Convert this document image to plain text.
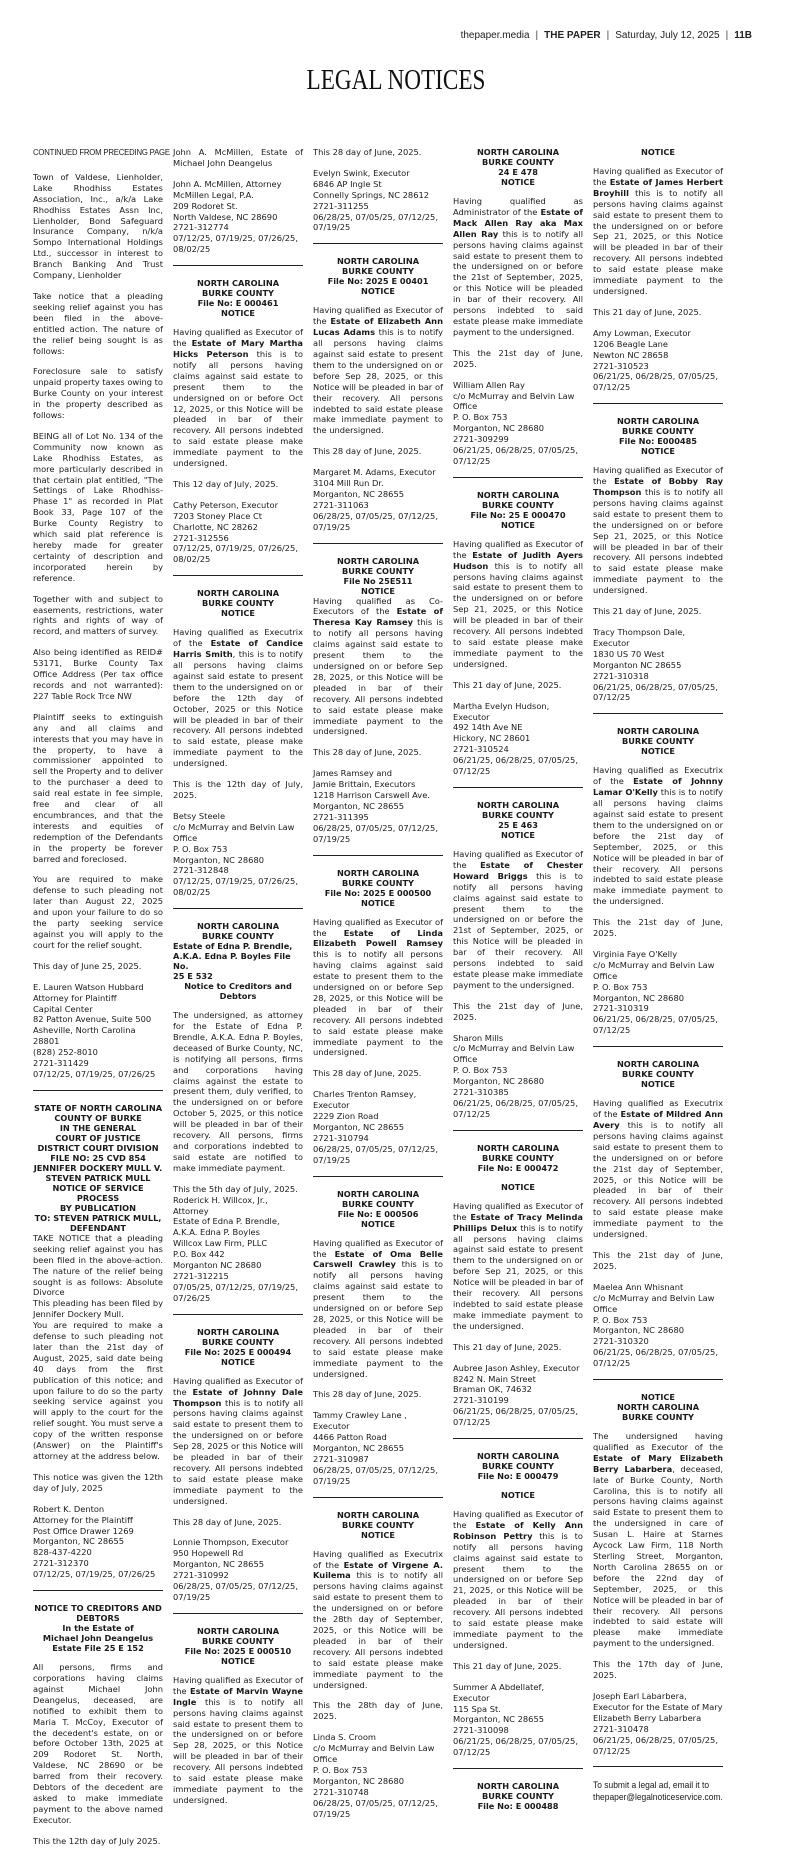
thepaper.media | THE PAPER | Saturday, July 12, 2025 | 11B
LEGAL NOTICES
CONTINUED FROM PRECEDING PAGE
Town of Valdese, Lienholder, Lake Rhodhiss Estates Association, Inc., a/k/a Lake Rhodhiss Estates Assn Inc, Lienholder, Bond Safeguard Insurance Company, n/k/a Sompo International Holdings Ltd., successor in interest to Branch Banking And Trust Company, Lienholder
Take notice that a pleading seeking relief against you has been filed in the above-entitled action. The nature of the relief being sought is as follows:
Foreclosure sale to satisfy unpaid property taxes owing to Burke County on your interest in the property described as follows:
BEING all of Lot No. 134 of the Community now known as Lake Rhodhiss Estates, as more particularly described in that certain plat entitled, "The Settings of Lake Rhodhiss-Phase 1" as recorded in Plat Book 33, Page 107 of the Burke County Registry to which said plat reference is hereby made for greater certainty of description and incorporated herein by reference.
Together with and subject to easements, restrictions, water rights and rights of way of record, and matters of survey.
Also being identified as REID# 53171, Burke County Tax Office Address (Per tax office records and not warranted): 227 Table Rock Trce NW
Plaintiff seeks to extinguish any and all claims and interests that you may have in the property, to have a commissioner appointed to sell the Property and to deliver to the purchaser a deed to said real estate in fee simple, free and clear of all encumbrances, and that the interests and equities of redemption of the Defendants in the property be forever barred and foreclosed.
You are required to make defense to such pleading not later than August 22, 2025 and upon your failure to do so the party seeking service against you will apply to the court for the relief sought.
This day of June 25, 2025.
E. Lauren Watson Hubbard
Attorney for Plaintiff
Capital Center
82 Patton Avenue, Suite 500
Asheville, North Carolina 28801
(828) 252-8010
2721-311429
07/12/25, 07/19/25, 07/26/25
STATE OF NORTH CAROLINA
COUNTY OF BURKE
IN THE GENERAL
COURT OF JUSTICE
DISTRICT COURT DIVISION
FILE NO: 25 CVD 854
JENNIFER DOCKERY MULL V.
STEVEN PATRICK MULL
NOTICE OF SERVICE PROCESS
BY PUBLICATION
TO: STEVEN PATRICK MULL,
DEFENDANT
TAKE NOTICE that a pleading seeking relief against you has been filed in the above-action. The nature of the relief being sought is as follows: Absolute Divorce
This pleading has been filed by Jennifer Dockery Mull.
You are required to make a defense to such pleading not later than the 21st day of August, 2025, said date being 40 days from the first publication of this notice; and upon failure to do so the party seeking service against you will apply to the court for the relief sought. You must serve a copy of the written response (Answer) on the Plaintiff's attorney at the address below.
This notice was given the 12th day of July, 2025
Robert K. Denton
Attorney for the Plaintiff
Post Office Drawer 1269
Morganton, NC 28655
828-437-4220
2721-312370
07/12/25, 07/19/25, 07/26/25
NOTICE TO CREDITORS AND DEBTORS
In the Estate of
Michael John Deangelus
Estate File 25 E 152
All persons, firms and corporations having claims against Michael John Deangelus, deceased, are notified to exhibit them to Maria T. McCoy, Executor of the decedent's estate, on or before October 13th, 2025 at 209 Rodoret St. North, Valdese, NC 28690 or be barred from their recovery. Debtors of the decedent are asked to make immediate payment to the above named Executor.
This the 12th day of July 2025.
John A. McMillen, Estate of Michael John Deangelus
John A. McMillen, Attorney
McMillen Legal, P.A.
209 Rodoret St.
North Valdese, NC 28690
2721-312774
07/12/25, 07/19/25, 07/26/25, 08/02/25
NORTH CAROLINA
BURKE COUNTY
File No: E 000461
NOTICE
Having qualified as Executor of the Estate of Mary Martha Hicks Peterson this is to notify all persons having claims against said estate to present them to the undersigned on or before Oct 12, 2025, or this Notice will be pleaded in bar of their recovery. All persons indebted to said estate please make immediate payment to the undersigned.
This 12 day of July, 2025.
Cathy Peterson, Executor
7203 Stoney Place Ct
Charlotte, NC 28262
2721-312556
07/12/25, 07/19/25, 07/26/25, 08/02/25
NORTH CAROLINA
BURKE COUNTY
NOTICE
Having qualified as Executrix of the Estate of Candice Harris Smith, this is to notify all persons having claims against said estate to present them to the undersigned on or before the 12th day of October, 2025 or this Notice will be pleaded in bar of their recovery. All persons indebted to said estate, please make immediate payment to the undersigned.
This is the 12th day of July, 2025.
Betsy Steele
c/o McMurray and Belvin Law Office
P. O. Box 753
Morganton, NC 28680
2721-312848
07/12/25, 07/19/25, 07/26/25, 08/02/25
NORTH CAROLINA
BURKE COUNTY
Estate of Edna P. Brendle, A.K.A. Edna P. Boyles File No.
25 E 532
Notice to Creditors and Debtors
The undersigned, as attorney for the Estate of Edna P. Brendle, A.K.A. Edna P. Boyles, deceased of Burke County, NC, is notifying all persons, firms and corporations having claims against the estate to present them, duly verified, to the undersigned on or before October 5, 2025, or this notice will be pleaded in bar of their recovery. All persons, firms and corporations indebted to said estate are notified to make immediate payment.
This the 5th day of July, 2025.
Roderick H. Willcox, Jr., Attorney
Estate of Edna P. Brendle, A.K.A. Edna P. Boyles
Willcox Law Firm, PLLC
P.O. Box 442
Morganton NC 28680
2721-312215
07/05/25, 07/12/25, 07/19/25, 07/26/25
NORTH CAROLINA
BURKE COUNTY
File No: 2025 E 000494
NOTICE
Having qualified as Executor of the Estate of Johnny Dale Thompson this is to notify all persons having claims against said estate to present them to the undersigned on or before Sep 28, 2025 or this Notice will be pleaded in bar of their recovery. All persons indebted to said estate please make immediate payment to the undersigned.
This 28 day of June, 2025.
Lonnie Thompson, Executor
950 Hopewell Rd
Morganton, NC 28655
2721-310992
06/28/25, 07/05/25, 07/12/25, 07/19/25
NORTH CAROLINA
BURKE COUNTY
File No: 2025 E 000510
NOTICE
Having qualified as Executor of the Estate of Marvin Wayne Ingle this is to notify all persons having claims against said estate to present them to the undersigned on or before Sep 28, 2025, or this Notice will be pleaded in bar of their recovery. All persons indebted to said estate please make immediate payment to the undersigned.
This 28 day of June, 2025.
Evelyn Swink, Executor
6846 AP Ingle St
Connelly Springs, NC 28612
2721-311255
06/28/25, 07/05/25, 07/12/25, 07/19/25
NORTH CAROLINA
BURKE COUNTY
File No: 2025 E 00401
NOTICE
Having qualified as Executor of the Estate of Elizabeth Ann Lucas Adams this is to notify all persons having claims against said estate to present them to the undersigned on or before Sep 28, 2025, or this Notice will be pleaded in bar of their recovery. All persons indebted to said estate please make immediate payment to the undersigned.
This 28 day of June, 2025.
Margaret M. Adams, Executor
3104 Mill Run Dr.
Morganton, NC 28655
2721-311063
06/28/25, 07/05/25, 07/12/25, 07/19/25
NORTH CAROLINA
BURKE COUNTY
File No 25E511
NOTICE
Having qualified as Co-Executors of the Estate of Theresa Kay Ramsey this is to notify all persons having claims against said estate to present them to the undersigned on or before Sep 28, 2025, or this Notice will be pleaded in bar of their recovery. All persons indebted to said estate please make immediate payment to the undersigned.
This 28 day of June, 2025.
James Ramsey and
Jamie Brittain, Executors
1218 Harrison Carswell Ave.
Morganton, NC 28655
2721-311395
06/28/25, 07/05/25, 07/12/25, 07/19/25
NORTH CAROLINA
BURKE COUNTY
File No: 2025 E 000500
NOTICE
Having qualified as Executor of the Estate of Linda Elizabeth Powell Ramsey this is to notify all persons having claims against said estate to present them to the undersigned on or before Sep 28, 2025, or this Notice will be pleaded in bar of their recovery. All persons indebted to said estate please make immediate payment to the undersigned.
This 28 day of June, 2025.
Charles Trenton Ramsey, Executor
2229 Zion Road
Morganton, NC 28655
2721-310794
06/28/25, 07/05/25, 07/12/25, 07/19/25
NORTH CAROLINA
BURKE COUNTY
File No: E 000506
NOTICE
Having qualified as Executor of the Estate of Oma Belle Carswell Crawley this is to notify all persons having claims against said estate to present them to the undersigned on or before Sep 28, 2025, or this Notice will be pleaded in bar of their recovery. All persons indebted to said estate please make immediate payment to the undersigned.
This 28 day of June, 2025.
Tammy Crawley Lane , Executor
4466 Patton Road
Morganton, NC 28655
2721-310987
06/28/25, 07/05/25, 07/12/25, 07/19/25
NORTH CAROLINA
BURKE COUNTY
NOTICE
Having qualified as Executrix of the Estate of Virgene A. Kuilema this is to notify all persons having claims against said estate to present them to the undersigned on or before the 28th day of September, 2025, or this Notice will be pleaded in bar of their recovery. All persons indebted to said estate please make immediate payment to the undersigned.
This the 28th day of June, 2025.
Linda S. Croom
c/o McMurray and Belvin Law Office
P. O. Box 753
Morganton, NC 28680
2721-310748
06/28/25, 07/05/25, 07/12/25, 07/19/25
NORTH CAROLINA
BURKE COUNTY
24 E 478
NOTICE
Having qualified as Administrator of the Estate of Mack Allen Ray aka Max Allen Ray this is to notify all persons having claims against said estate to present them to the undersigned on or before the 21st of September, 2025, or this Notice will be pleaded in bar of their recovery. All persons indebted to said estate please make immediate payment to the undersigned.
This the 21st day of June, 2025.
William Allen Ray
c/o McMurray and Belvin Law Office
P. O. Box 753
Morganton, NC 28680
2721-309299
06/21/25, 06/28/25, 07/05/25, 07/12/25
NORTH CAROLINA
BURKE COUNTY
File No: 25 E 000470
NOTICE
Having qualified as Executor of the Estate of Judith Ayers Hudson this is to notify all persons having claims against said estate to present them to the undersigned on or before Sep 21, 2025, or this Notice will be pleaded in bar of their recovery. All persons indebted to said estate please make immediate payment to the undersigned.
This 21 day of June, 2025.
Martha Evelyn Hudson, Executor
492 14th Ave NE
Hickory, NC 28601
2721-310524
06/21/25, 06/28/25, 07/05/25, 07/12/25
NORTH CAROLINA
BURKE COUNTY
25 E 463
NOTICE
Having qualified as Executor of the Estate of Chester Howard Briggs this is to notify all persons having claims against said estate to present them to the undersigned on or before the 21st of September, 2025, or this Notice will be pleaded in bar of their recovery. All persons indebted to said estate please make immediate payment to the undersigned.
This the 21st day of June, 2025.
Sharon Mills
c/o McMurray and Belvin Law Office
P. O. Box 753
Morganton, NC 28680
2721-310385
06/21/25, 06/28/25, 07/05/25, 07/12/25
NORTH CAROLINA
BURKE COUNTY
File No: E 000472
NOTICE
Having qualified as Executor of the Estate of Tracy Melinda Phillips Delux this is to notify all persons having claims against said estate to present them to the undersigned on or before Sep 21, 2025, or this Notice will be pleaded in bar of their recovery. All persons indebted to said estate please make immediate payment to the undersigned.
This 21 day of June, 2025.
Aubree Jason Ashley, Executor
8242 N. Main Street
Braman OK, 74632
2721-310199
06/21/25, 06/28/25, 07/05/25, 07/12/25
NORTH CAROLINA
BURKE COUNTY
File No: E 000479
NOTICE
Having qualified as Executor of the Estate of Kelly Ann Robinson Pettry this is to notify all persons having claims against said estate to present them to the undersigned on or before Sep 21, 2025, or this Notice will be pleaded in bar of their recovery. All persons indebted to said estate please make immediate payment to the undersigned.
This 21 day of June, 2025.
Summer A Abdellatef, Executor
115 Spa St.
Morganton, NC 28655
2721-310098
06/21/25, 06/28/25, 07/05/25, 07/12/25
NORTH CAROLINA
BURKE COUNTY
File No: E 000488
NOTICE
Having qualified as Executor of the Estate of James Herbert Broyhill this is to notify all persons having claims against said estate to present them to the undersigned on or before Sep 21, 2025, or this Notice will be pleaded in bar of their recovery. All persons indebted to said estate please make immediate payment to the undersigned.
This 21 day of June, 2025.
Amy Lowman, Executor
1206 Beagle Lane
Newton NC 28658
2721-310523
06/21/25, 06/28/25, 07/05/25, 07/12/25
NORTH CAROLINA
BURKE COUNTY
File No: E000485
NOTICE
Having qualified as Executor of the Estate of Bobby Ray Thompson this is to notify all persons having claims against said estate to present them to the undersigned on or before Sep 21, 2025, or this Notice will be pleaded in bar of their recovery. All persons indebted to said estate please make immediate payment to the undersigned.
This 21 day of June, 2025.
Tracy Thompson Dale, Executor
1830 US 70 West
Morganton NC 28655
2721-310318
06/21/25, 06/28/25, 07/05/25, 07/12/25
NORTH CAROLINA
BURKE COUNTY
NOTICE
Having qualified as Executrix of the Estate of Johnny Lamar O'Kelly this is to notify all persons having claims against said estate to present them to the undersigned on or before the 21st day of September, 2025, or this Notice will be pleaded in bar of their recovery. All persons indebted to said estate please make immediate payment to the undersigned.
This the 21st day of June, 2025.
Virginia Faye O'Kelly
c/o McMurray and Belvin Law Office
P. O. Box 753
Morganton, NC 28680
2721-310319
06/21/25, 06/28/25, 07/05/25, 07/12/25
NORTH CAROLINA
BURKE COUNTY
NOTICE
Having qualified as Executrix of the Estate of Mildred Ann Avery this is to notify all persons having claims against said estate to present them to the undersigned on or before the 21st day of September, 2025, or this Notice will be pleaded in bar of their recovery. All persons indebted to said estate please make immediate payment to the undersigned.
This the 21st day of June, 2025.
Maelea Ann Whisnant
c/o McMurray and Belvin Law Office
P. O. Box 753
Morganton, NC 28680
2721-310320
06/21/25, 06/28/25, 07/05/25, 07/12/25
NOTICE
NORTH CAROLINA
BURKE COUNTY
The undersigned having qualified as Executor of the Estate of Mary Elizabeth Berry Labarbera, deceased, late of Burke County, North Carolina, this is to notify all persons having claims against said Estate to present them to the undersigned in care of Susan L. Haire at Starnes Aycock Law Firm, 118 North Sterling Street, Morganton, North Carolina 28655 on or before the 22nd day of September, 2025, or this Notice will be pleaded in bar of their recovery. All persons indebted to said estate will please make immediate payment to the undersigned.
This the 17th day of June, 2025.
Joseph Earl Labarbera,
Executor for the Estate of Mary
Elizabeth Berry Labarbera
2721-310478
06/21/25, 06/28/25, 07/05/25, 07/12/25
To submit a legal ad, email it to thepaper@legalnoticeservice.com.
